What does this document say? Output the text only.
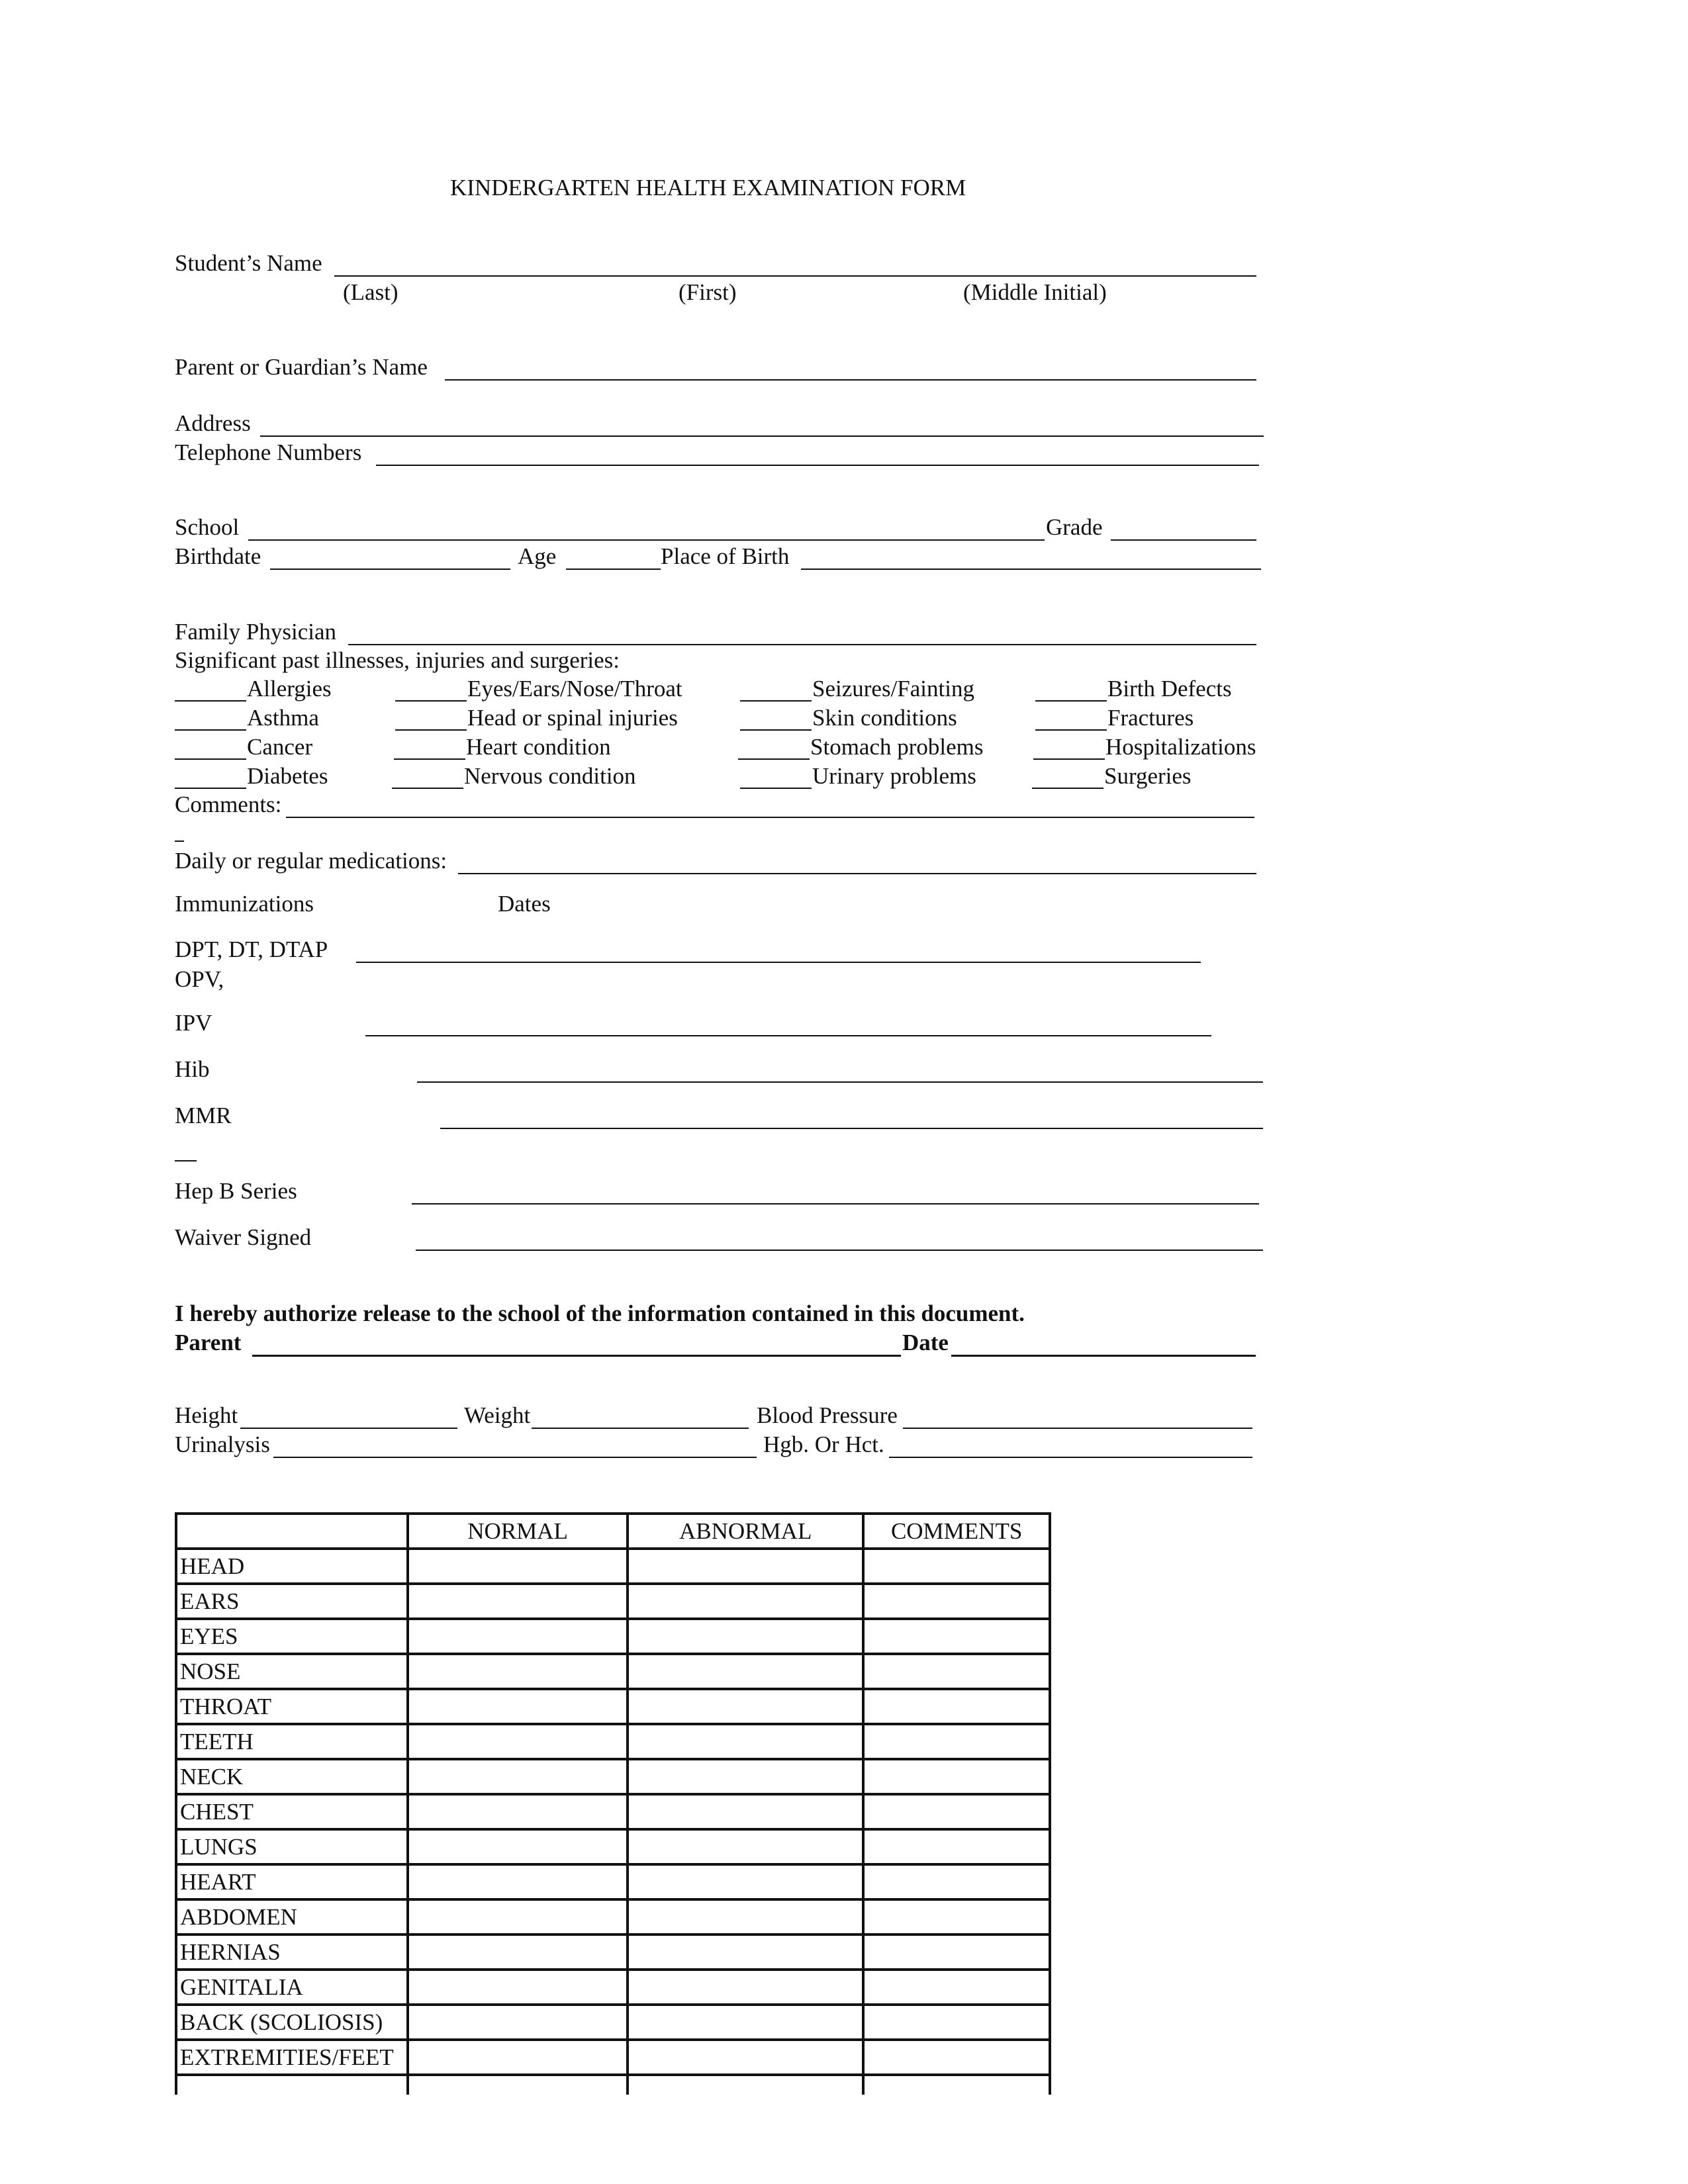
KINDERGARTEN HEALTH EXAMINATION FORM
Student’s Name
(Last)	(First)	(Middle Initial)
Parent or Guardian’s Name
Address
Telephone Numbers
School	Grade
Birthdate	Age	Place of Birth
Family Physician
Significant past illnesses, injuries and surgeries:
Allergies	Eyes/Ears/Nose/Throat	Seizures/Fainting	Birth Defects
Asthma	Head or spinal injuries	Skin conditions	Fractures
Cancer	Heart condition	Stomach problems	Hospitalizations
Diabetes	Nervous condition	Urinary problems	Surgeries
Comments:
Daily or regular medications:
Immunizations	Dates
DPT, DT, DTAP
OPV,
IPV
Hib
MMR
Hep B Series
Waiver Signed
I hereby authorize release to the school of the information contained in this document.
Parent	Date
Height	Weight	Blood Pressure
Urinalysis	Hgb. Or Hct.
	NORMAL	ABNORMAL	COMMENTS
HEAD			
EARS			
EYES			
NOSE			
THROAT			
TEETH			
NECK			
CHEST			
LUNGS			
HEART			
ABDOMEN			
HERNIAS			
GENITALIA			
BACK (SCOLIOSIS)			
EXTREMITIES/FEET			
